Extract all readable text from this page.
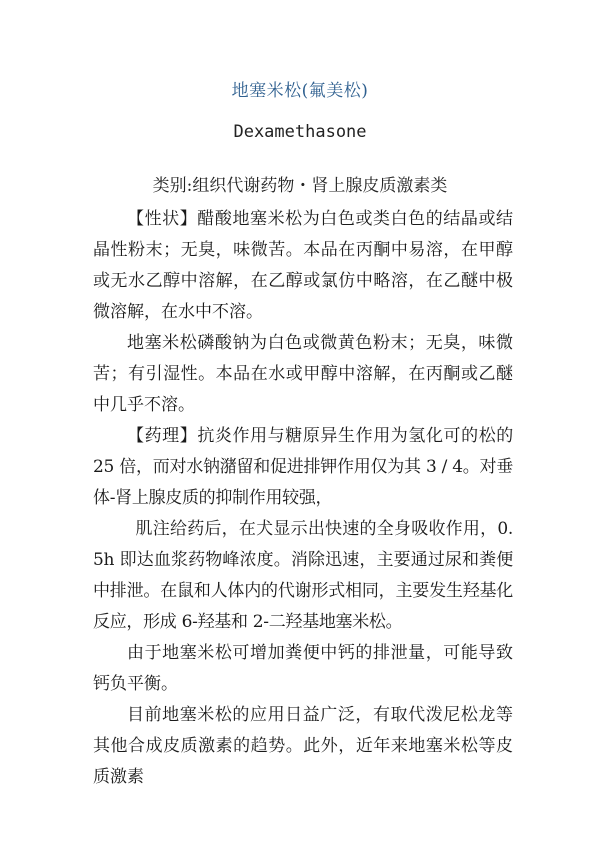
地塞米松(氟美松)
Dexamethasone
类别:组织代谢药物・肾上腺皮质激素类

【性状】醋酸地塞米松为白色或类白色的结晶或结晶性粉末；无臭，味微苦。本品在丙酮中易溶，在甲醇或无水乙醇中溶解，在乙醇或氯仿中略溶，在乙醚中极微溶解，在水中不溶。

地塞米松磷酸钠为白色或微黄色粉末；无臭，味微苦；有引湿性。本品在水或甲醇中溶解，在丙酮或乙醚中几乎不溶。

【药理】抗炎作用与糖原异生作用为氢化可的松的 25 倍，而对水钠潴留和促进排钾作用仅为其 3 / 4。对垂体-肾上腺皮质的抑制作用较强，

肌注给药后，在犬显示出快速的全身吸收作用，0. 5h 即达血浆药物峰浓度。消除迅速，主要通过尿和粪便中排泄。在鼠和人体内的代谢形式相同，主要发生羟基化反应，形成 6-羟基和 2-二羟基地塞米松。

由于地塞米松可增加粪便中钙的排泄量，可能导致钙负平衡。

目前地塞米松的应用日益广泛，有取代泼尼松龙等其他合成皮质激素的趋势。此外，近年来地塞米松等皮质激素
